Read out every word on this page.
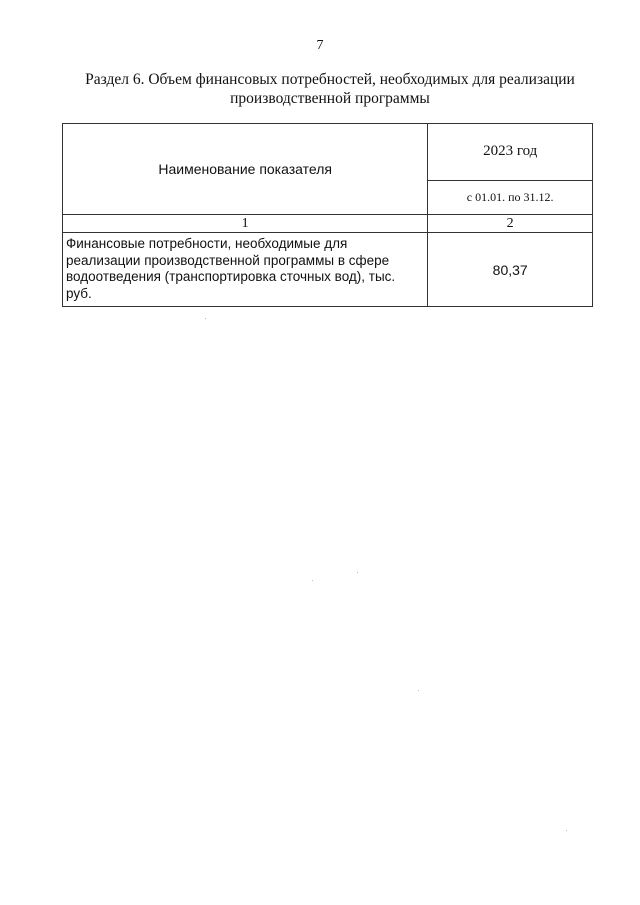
7
Раздел 6. Объем финансовых потребностей, необходимых для реализации производственной программы
Наименование показателя	2023 год
	с 01.01. по 31.12.
1	2
Финансовые потребности, необходимые для реализации производственной программы в сфере водоотведения (транспортировка сточных вод), тыс. руб.	80,37
